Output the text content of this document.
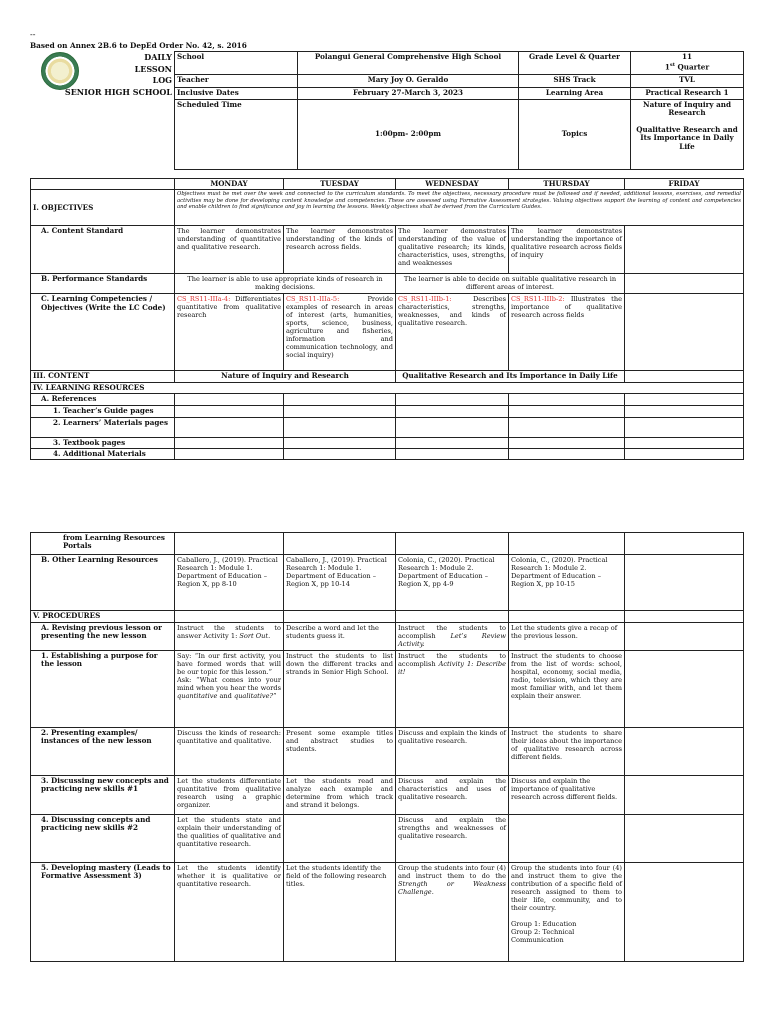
--
Based on Annex 2B.6 to DepEd Order No. 42, s. 2016
DAILY
LESSON
LOG
SENIOR HIGH SCHOOL
School	Polangui General Comprehensive High School	Grade Level & Quarter	11
1st Quarter

Teacher	Mary Joy O. Geraldo	SHS Track	TVL
Inclusive Dates	February 27-March 3, 2023	Learning Area	Practical Research 1
Scheduled Time	1:00pm- 2:00pm	Topics	Nature of Inquiry and Research
Qualitative Research and Its Importance in Daily Life
	MONDAY	TUESDAY	WEDNESDAY	THURSDAY	FRIDAY
I. OBJECTIVES	Objectives must be met over the week and connected to the curriculum standards. To meet the objectives, necessary procedure must be followed and if needed, additional lessons, exercises, and remedial activities may be done for developing content knowledge and competencies. These are assessed using Formative Assessment strategies. Valuing objectives support the learning of content and competencies and enable children to find significance and joy in learning the lessons. Weekly objectives shall be derived from the Curriculum Guides.				
A. Content Standard	The learner demonstrates understanding of quantitative and qualitative research.	The learner demonstrates understanding of the kinds of research across fields.	The learner demonstrates understanding of the value of qualitative research; its kinds, characteristics, uses, strengths, and weaknesses	The learner demonstrates understanding the importance of qualitative research across fields of inquiry	
B. Performance Standards	The learner is able to use appropriate kinds of research in making decisions.		The learner is able to decide on suitable qualitative research in different areas of interest.		
C. Learning Competencies / Objectives (Write the LC Code)	CS_RS11-IIIa-4: Differentiates quantitative from qualitative research	CS_RS11-IIIa-5: Provide examples of research in areas of interest (arts, humanities, sports, science, business, agriculture and fisheries, information and communication technology, and social inquiry)	CS_RS11-IIIb-1: Describes characteristics, strengths, weaknesses, and kinds of qualitative research.	CS_RS11-IIIb-2: Illustrates the importance of qualitative research across fields	
III. CONTENT	Nature of Inquiry and Research		Qualitative Research and Its Importance in Daily Life		
IV. LEARNING RESOURCES					
A. References					
1. Teacher’s Guide pages					
2. Learners’ Materials pages					
3. Textbook pages					
4. Additional Materials					
from Learning Resources Portals					
B. Other Learning Resources	Caballero, J., (2019). Practical Research 1: Module 1. Department of Education – Region X, pp 8-10	Caballero, J., (2019). Practical Research 1: Module 1. Department of Education – Region X, pp 10-14	Colonia, C., (2020). Practical Research 1: Module 2. Department of Education – Region X, pp 4-9	Colonia, C., (2020). Practical Research 1: Module 2. Department of Education – Region X, pp 10-15	
V. PROCEDURES					
A. Revising previous lesson or presenting the new lesson	Instruct the students to answer Activity 1: Sort Out.	Describe a word and let the students guess it.	Instruct the students to accomplish Let’s Review Activity.	Let the students give a recap of the previous lesson.	
1. Establishing a purpose for the lesson	Say: “In our first activity, you have formed words that will be our topic for this lesson.”
Ask: “What comes into your mind when you hear the words quantitative and qualitative?”	Instruct the students to list down the different tracks and strands in Senior High School.	Instruct the students to accomplish Activity 1: Describe it!	Instruct the students to choose from the list of words: school, hospital, economy, social media, radio, television, which they are most familiar with, and let them explain their answer.	
2. Presenting examples/ instances of the new lesson	Discuss the kinds of research: quantitative and qualitative.	Present some example titles and abstract studies to students.	Discuss and explain the kinds of qualitative research.	Instruct the students to share their ideas about the importance of qualitative research across different fields.	
3. Discussing new concepts and practicing new skills #1	Let the students differentiate quantitative from qualitative research using a graphic organizer.	Let the students read and analyze each example and determine from which track and strand it belongs.	Discuss and explain the characteristics and uses of qualitative research.	Discuss and explain the importance of qualitative research across different fields.	
4. Discussing concepts and practicing new skills #2	Let the students state and explain their understanding of the qualities of qualitative and quantitative research.		Discuss and explain the strengths and weaknesses of qualitative research.		
5. Developing mastery (Leads to Formative Assessment 3)	Let the students identify whether it is qualitative or quantitative research.	Let the students identify the field of the following research titles.	Group the students into four (4) and instruct them to do the Strength or Weakness Challenge.	Group the students into four (4) and instruct them to give the contribution of a specific field of research assigned to them to their life, community, and to their country.
Group 1: Education
Group 2: Technical Communication	
